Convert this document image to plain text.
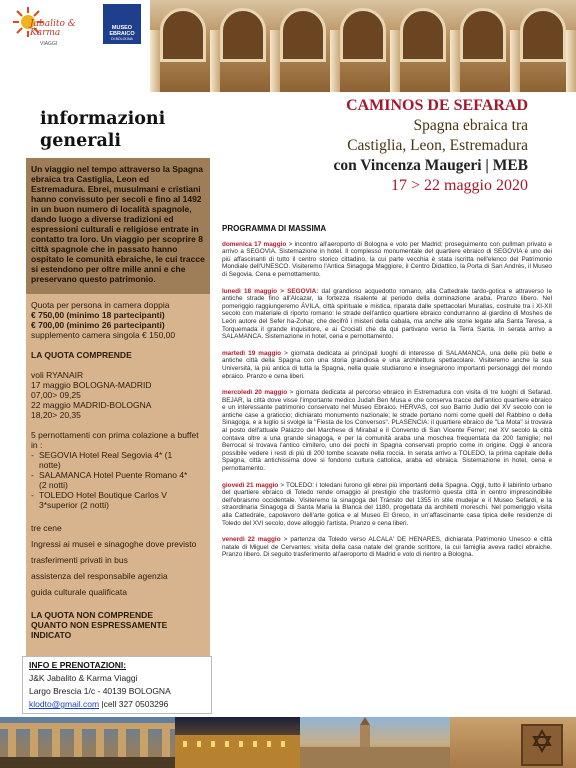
Jabalito & Karma
VIAGGI
MUSEO
EBRAICO
DI BOLOGNA
informazioni
generali
CAMINOS DE SEFARAD
Spagna ebraica tra
Castiglia, Leon, Estremadura
con Vincenza Maugeri | MEB
17 > 22 maggio 2020

Un viaggio nel tempo attraverso la Spagna ebraica tra Castiglia, Leon ed Estremadura. Ebrei, musulmani e cristiani hanno convissuto per secoli e fino al 1492 in un buon numero di località spagnole, dando luogo a diverse tradizioni ed espressioni culturali e religiose entrate in contatto tra loro. Un viaggio per scoprire 8 città spagnole che in passato hanno ospitato le comunità ebraiche, le cui tracce si estendono per oltre mille anni e che preservano questo patrimonio.

Quota per persona in camera doppia
€ 750,00 (minimo 18 partecipanti)
€ 700,00 (minimo 26 partecipanti)
supplemento camera singola € 150,00
LA QUOTA COMPRENDE
voli RYANAIR
17 maggio BOLOGNA-MADRID
07,00> 09,25
22 maggio MADRID-BOLOGNA
18,20> 20,35
5 pernottamenti con prima colazione a buffet in :
- SEGOVIA Hotel Real Segovia 4* (1
notte)
- SALAMANCA Hotel Puente Romano 4*
(2 notti)
- TOLEDO Hotel Boutique Carlos V
3*superior (2 notti)
tre cene
Ingressi ai musei e sinagoghe dove previsto
trasferimenti privati in bus
assistenza del responsabile agenzia
guida culturale qualificata
LA QUOTA NON COMPRENDE
QUANTO NON ESPRESSAMENTE INDICATO
INFO E PRENOTAZIONI:
J&K Jabalito & Karma Viaggi
Largo Brescia 1/c - 40139 BOLOGNA
klodto@gmail.com |cell 327 0503296
PROGRAMMA DI MASSIMA
domenica 17 maggio > incontro all'aeroporto di Bologna e volo per Madrid; proseguimento con pullman privato e arrivo a SEGOVIA. Sistemazione in hotel. Il complesso monumentale del quartiere ebraico di SEGOVIA è uno dei più affascinanti di tutto il centro storico cittadino, la cui parte vecchia è stata iscritta nell'elenco del Patrimonio Mondiale dell'UNESCO. Visiteremo l'Antica Sinagoga Maggiore, il Centro Didattico, la Porta di San Andrés, il Museo di Segovia. Cena e pernottamento.
lunedì 18 maggio > SEGOVIA: dal grandioso acquedotto romano, alla Cattedrale tardo-gotica e attraverso le antiche strade fino all'Alcazar, la fortezza risalente al periodo della dominazione araba. Pranzo libero. Nel pomeriggio raggiungeremo ÁVILA, città spirituale e mistica, riparata dalle spettacolari Murallas, costruite tra i XI-XII secolo con materiale di riporto romano: le strade dell'antico quartiere ebraico condurranno al giardino di Moshes de León autore del Sefer ha-Zohar, che decifrò i misteri della cabala, ma anche alle storie legate alla Santa Teresa, a Torquemada il grande inquisitore, e ai Crociati che da qui partivano verso la Terra Santa. In serata arrivo a SALAMANCA. Sistemazione in hotel, cena e pernottamento.
martedì 19 maggio > giornata dedicata ai principali luoghi di interesse di SALAMANCA, una delle più belle e antiche città della Spagna con una storia grandiosa e una architettura spettacolare. Visiteremo anche la sua Università, la più antica di tutta la Spagna, nella quale studiarono e insegnarono importanti personaggi del mondo ebraico. Pranzo e cena liberi.
mercoledì 20 maggio > giornata dedicata al percorso ebraico in Estremadura con visita di tre luoghi di Sefarad. BEJAR, la città dove visse l'importante medico Judah Ben Musa e che conserva tracce dell'antico quartiere ebraico e un interessante patrimonio conservato nel Museo Ebraico. HERVAS, col suo Barrio Judio del XV secolo con le antiche case a graticcio; dichiarato monumento nazionale; le strade portano nomi come quelli del Rabbino o della Sinagoga, e a luglio si svolge la "Fiesta de los Conversos". PLASENCIA: il quartiere ebraico de "La Mota" si trovava al posto dell'attuale Palazzo del Marchese di Mirabal e il Convento di San Vicente Ferrer; nel XV secolo la città contava oltre a una grande sinagoga, e per la comunità araba una moschea frequentata da 200 famiglie; nel Berrocal si trovava l'antico cimitero, uno dei pochi in Spagna conservati proprio come in origine. Oggi è ancora possibile vedere i resti di più di 200 tombe scavate nella roccia. In serata arrivo a TOLEDO, la prima capitale della Spagna, città antichissima dove si fondono cultura cattolica, araba ed ebraica. Sistemazione in hotel, cena e pernottamento.
giovedì 21 maggio > TOLEDO: i toledani furono gli ebrei più importanti della Spagna. Oggi, tutto il labirinto urbano del quartiere ebraico di Toledo rende omaggio al prestigio che trasformò questa città in centro imprescindibile dell'ebraismo occidentale. Visiteremo la sinagoga del Tránsito del 1355 in stile mudejar e il Museo Sefardi, e la straordinaria Sinagoga di Santa Maria la Blanca del 1180, progettata da architetti moreschi. Nel pomeriggio visita alla Cattedrale, capolavoro dell'arte gotica e al Museo El Greco, in un'affascinante casa tipica delle residenze di Toledo del XVI secolo, dove alloggiò l'artista. Pranzo e cena liberi.
venerdì 22 maggio > partenza da Toledo verso ALCALA' DE HENARES, dichiarata Patrimonio Unesco e città natale di Miguel de Cervantes: visita della casa natale del grande scrittore, la cui famiglia aveva radici ebraiche. Pranzo libero. Di seguito trasferimento all'aeroporto di Madrid e volo di rientro a Bologna.
